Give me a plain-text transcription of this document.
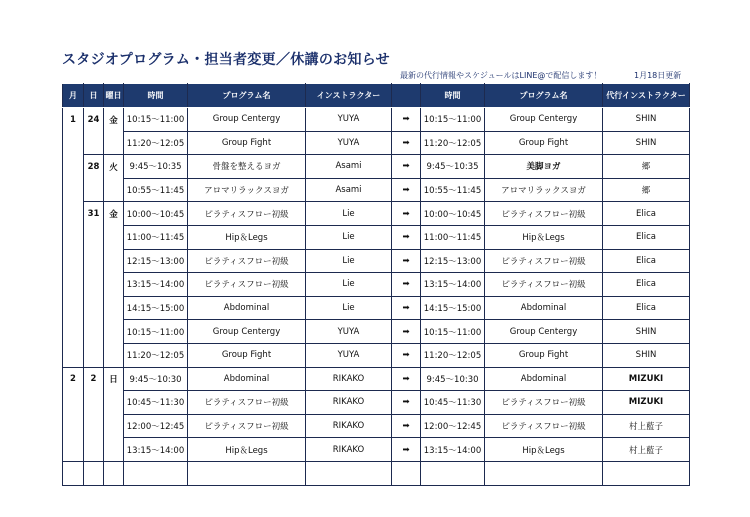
スタジオプログラム・担当者変更／休講のお知らせ
最新の代行情報やスケジュールはLINE@で配信します！	1月18日更新
月	日	曜日	時間	プログラム名	インストラクター		時間	プログラム名	代行インストラクター
1	24	金	10:15～11:00	Group Centergy	YUYA	➡	10:15～11:00	Group Centergy	SHIN
			11:20～12:05	Group Fight	YUYA	➡	11:20～12:05	Group Fight	SHIN
	28	火	9:45～10:35	骨盤を整えるヨガ	Asami	➡	9:45～10:35	美脚ヨガ	郷
			10:55～11:45	アロマリラックスヨガ	Asami	➡	10:55～11:45	アロマリラックスヨガ	郷
	31	金	10:00～10:45	ピラティスフロー初級	Lie	➡	10:00～10:45	ピラティスフロー初級	Elica
			11:00～11:45	Hip＆Legs	Lie	➡	11:00～11:45	Hip＆Legs	Elica
			12:15～13:00	ピラティスフロー初級	Lie	➡	12:15～13:00	ピラティスフロー初級	Elica
			13:15～14:00	ピラティスフロー初級	Lie	➡	13:15～14:00	ピラティスフロー初級	Elica
			14:15～15:00	Abdominal	Lie	➡	14:15～15:00	Abdominal	Elica
			10:15～11:00	Group Centergy	YUYA	➡	10:15～11:00	Group Centergy	SHIN
			11:20～12:05	Group Fight	YUYA	➡	11:20～12:05	Group Fight	SHIN
2	2	日	9:45～10:30	Abdominal	RIKAKO	➡	9:45～10:30	Abdominal	MIZUKI
			10:45～11:30	ピラティスフロー初級	RIKAKO	➡	10:45～11:30	ピラティスフロー初級	MIZUKI
			12:00～12:45	ピラティスフロー初級	RIKAKO	➡	12:00～12:45	ピラティスフロー初級	村上藍子
			13:15～14:00	Hip＆Legs	RIKAKO	➡	13:15～14:00	Hip＆Legs	村上藍子
